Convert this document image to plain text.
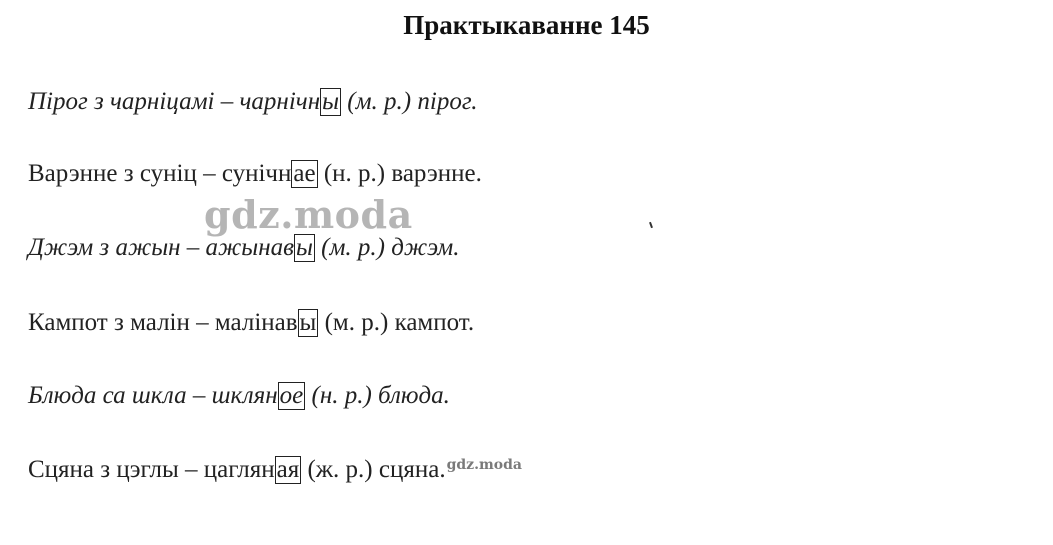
Практыкаванне 145
Пірог з чарніцамі – чарнічны (м. р.) пірог.
Варэнне з суніц – сунічнае (н. р.) варэнне.
Джэм з ажын – ажынавы (м. р.) джэм.
Кампот з малін – малінавы (м. р.) кампот.
Блюда са шкла – шкляное (н. р.) блюда.
Сцяна з цэглы – цагляная (ж. р.) сцяна.$^{gdz.moda}$
gdz.moda
